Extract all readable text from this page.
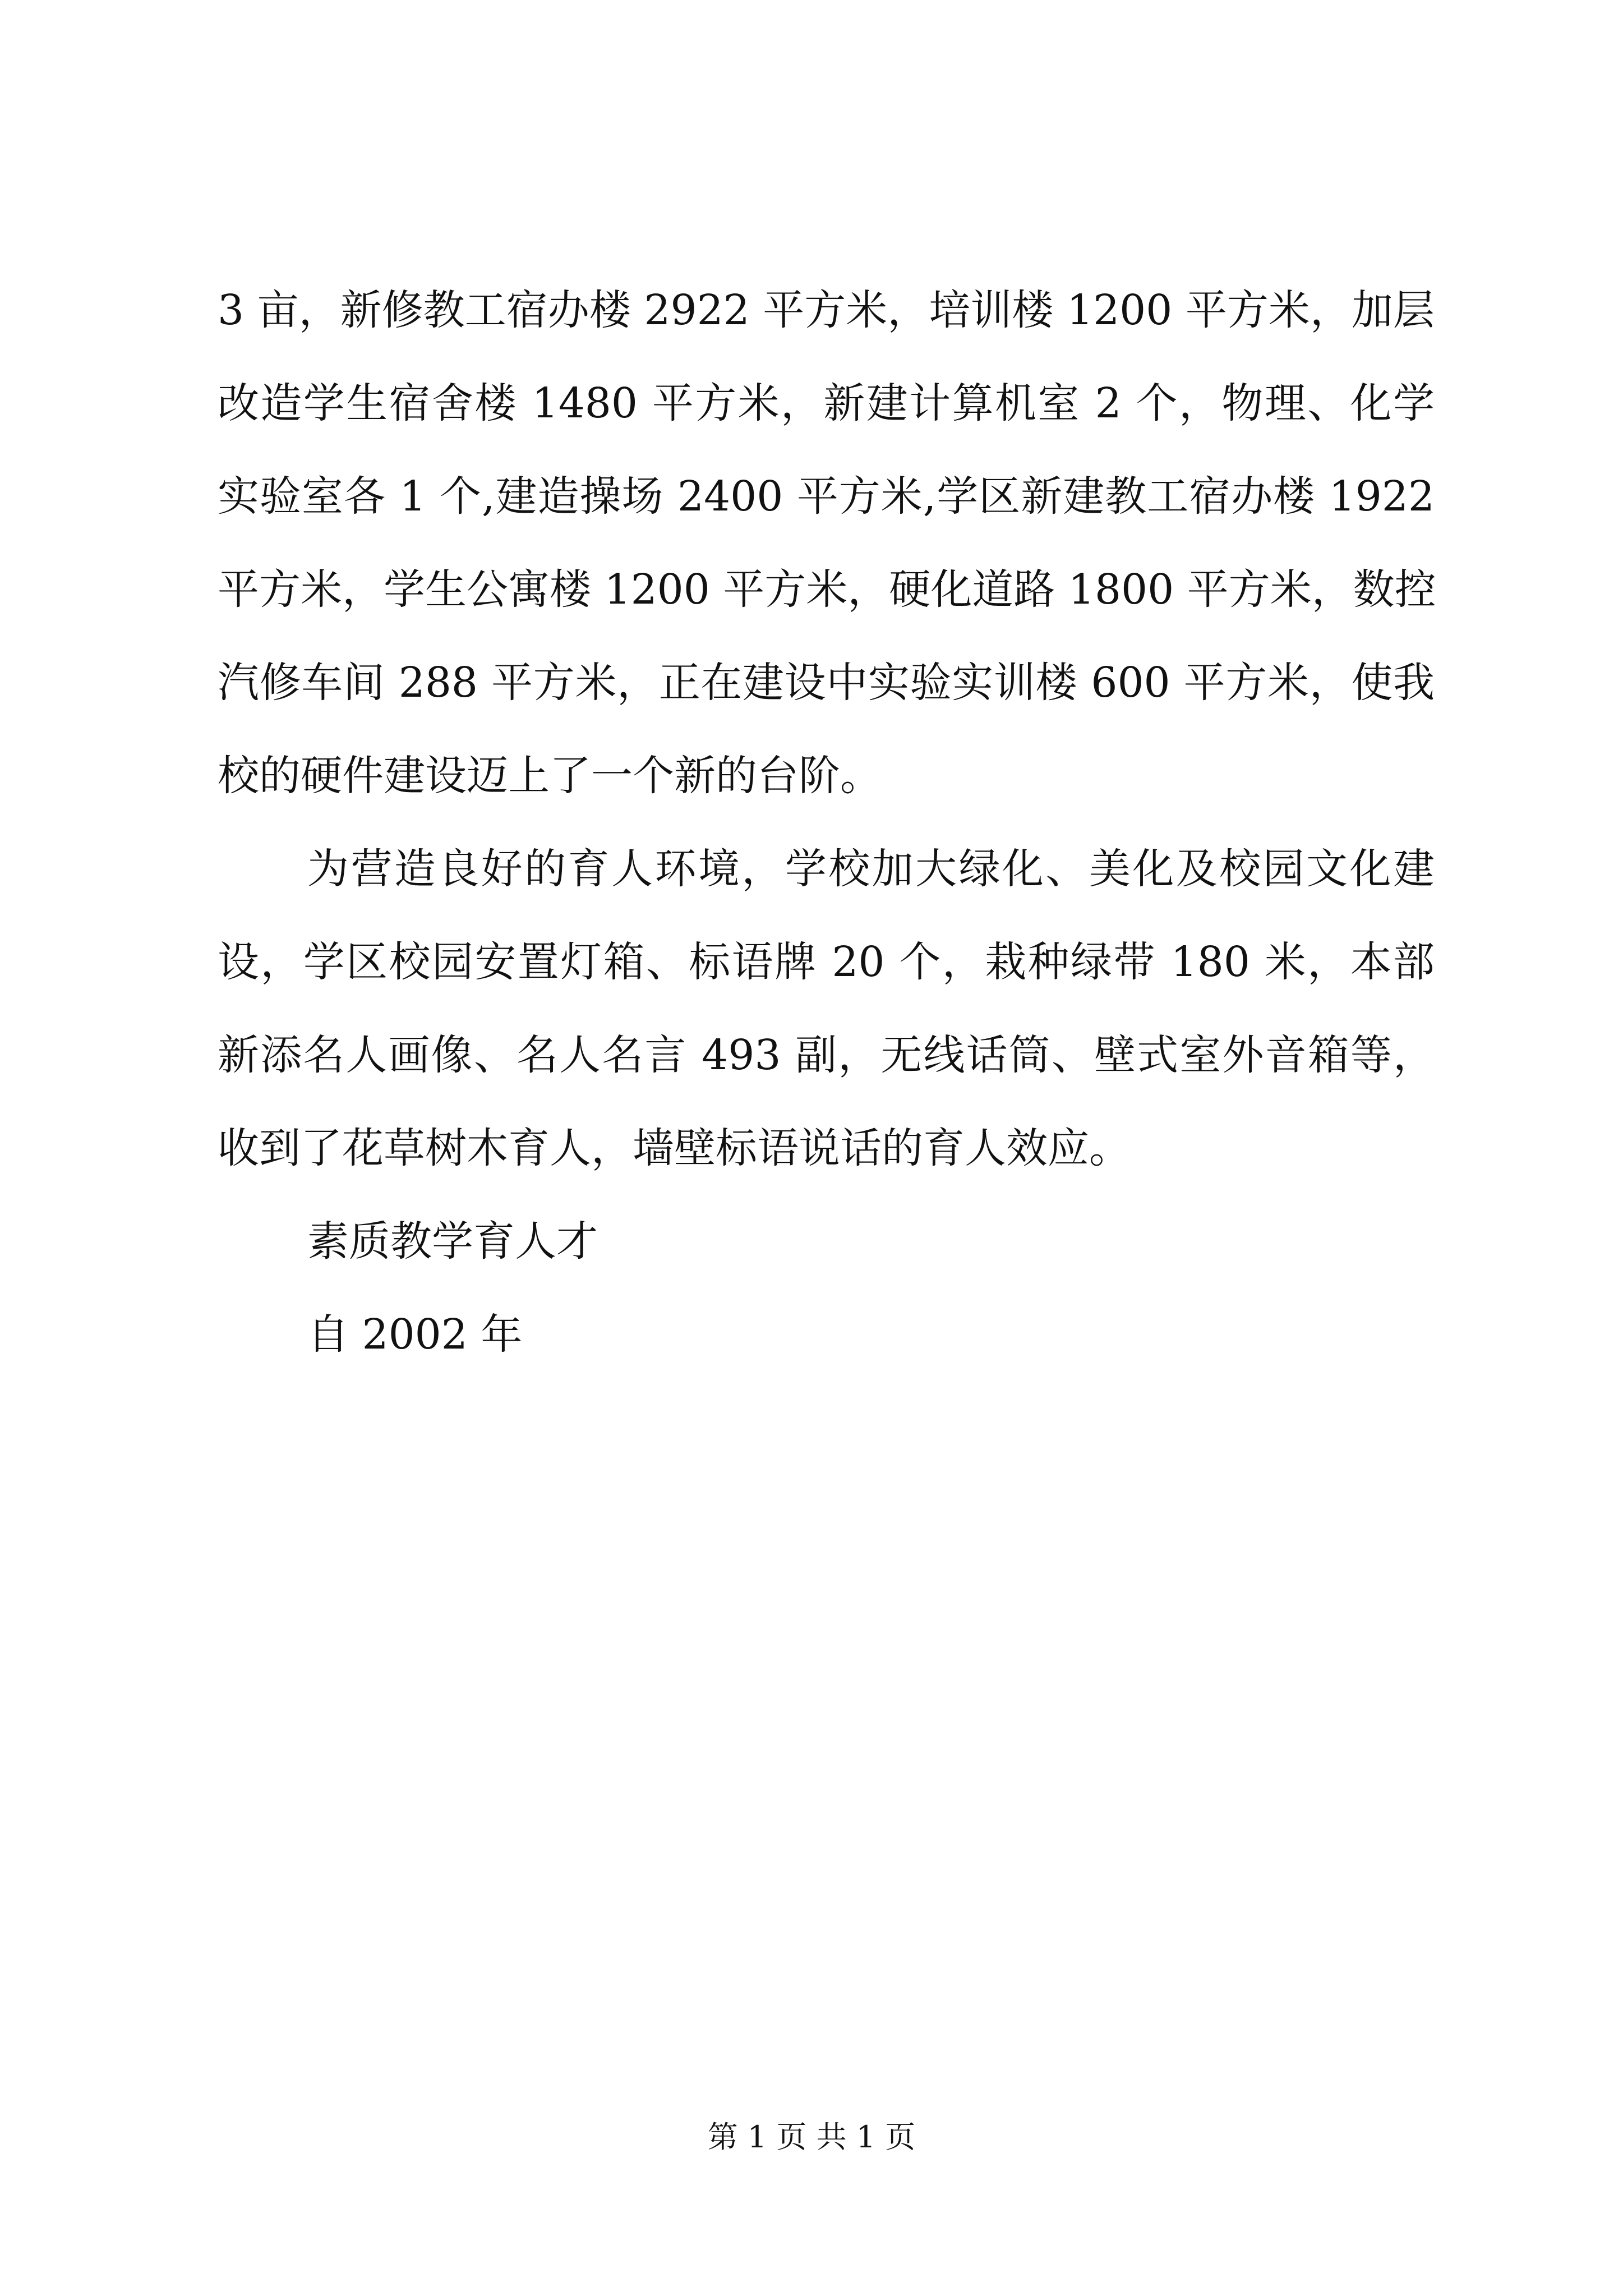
3 亩，新修教工宿办楼 2922 平方米，培训楼 1200 平方米，加层
改造学生宿舍楼 1480 平方米，新建计算机室 2 个，物理、化学
实验室各 1 个,建造操场 2400 平方米,学区新建教工宿办楼 1922
平方米，学生公寓楼 1200 平方米，硬化道路 1800 平方米，数控
汽修车间 288 平方米，正在建设中实验实训楼 600 平方米，使我
校的硬件建设迈上了一个新的台阶。
为营造良好的育人环境，学校加大绿化、美化及校园文化建
设，学区校园安置灯箱、标语牌 20 个，栽种绿带 180 米，本部
新添名人画像、名人名言 493 副，无线话筒、壁式室外音箱等，
收到了花草树木育人，墙壁标语说话的育人效应。
素质教学育人才
自 2002 年
第 1 页 共 1 页
